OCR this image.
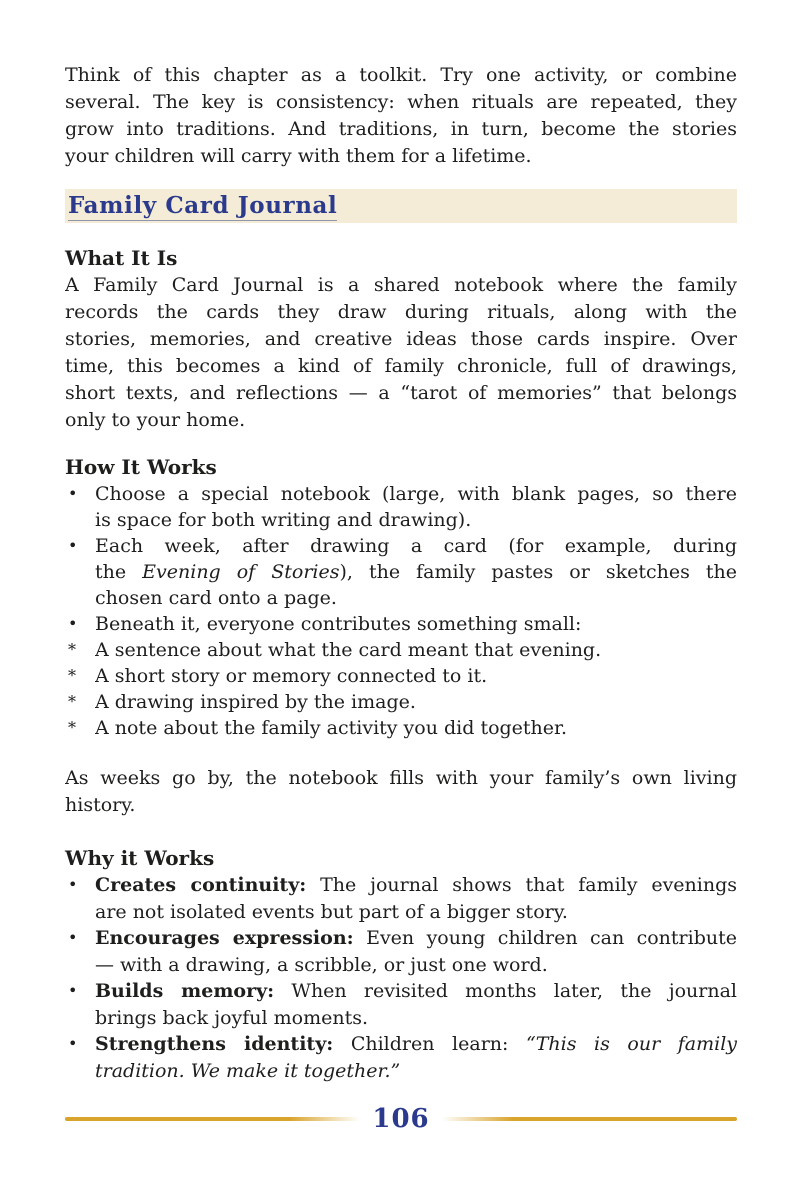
Think of this chapter as a toolkit. Try one activity, or combine
several. The key is consistency: when rituals are repeated, they
grow into traditions. And traditions, in turn, become the stories
your children will carry with them for a lifetime.
Family Card Journal
What It Is
A Family Card Journal is a shared notebook where the family
records the cards they draw during rituals, along with the
stories, memories, and creative ideas those cards inspire. Over
time, this becomes a kind of family chronicle, full of drawings,
short texts, and reflections — a “tarot of memories” that belongs
only to your home.
How It Works
• Choose a special notebook (large, with blank pages, so there
is space for both writing and drawing).
• Each week, after drawing a card (for example, during
the Evening of Stories), the family pastes or sketches the
chosen card onto a page.
• Beneath it, everyone contributes something small:
*	A sentence about what the card meant that evening.
*	A short story or memory connected to it.
*	A drawing inspired by the image.
*	A note about the family activity you did together.
As weeks go by, the notebook fills with your family’s own living
history.
Why it Works
• Creates continuity: The journal shows that family evenings
are not isolated events but part of a bigger story.
• Encourages expression: Even young children can contribute
— with a drawing, a scribble, or just one word.
• Builds memory: When revisited months later, the journal
brings back joyful moments.
• Strengthens identity: Children learn: “This is our family
tradition. We make it together.”
106
